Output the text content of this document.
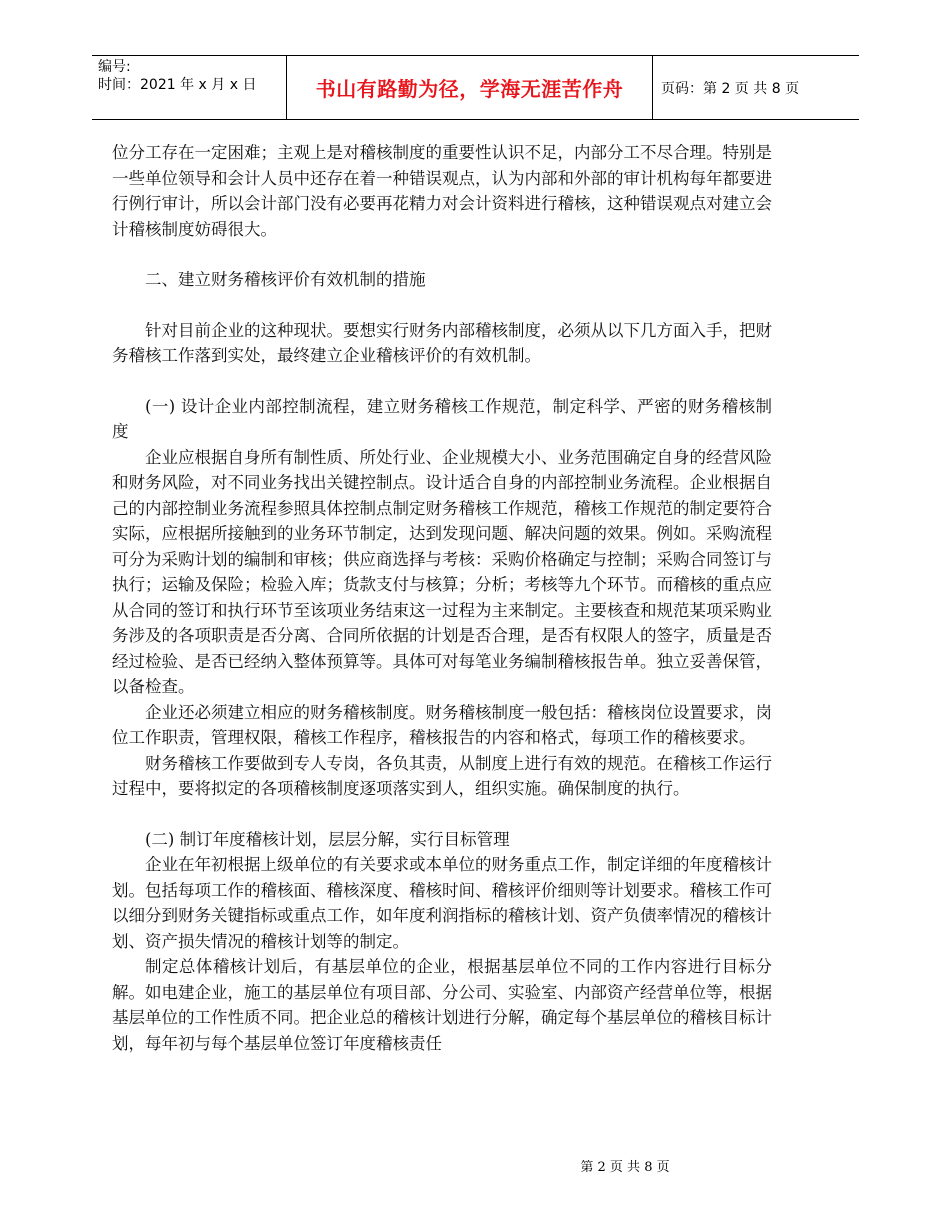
编号:
时间：2021 年 x 月 x 日	书山有路勤为径，学海无涯苦作舟	页码：第 2 页 共 8 页

位分工存在一定困难；主观上是对稽核制度的重要性认识不足，内部分工不尽合理。特别是一些单位领导和会计人员中还存在着一种错误观点，认为内部和外部的审计机构每年都要进行例行审计，所以会计部门没有必要再花精力对会计资料进行稽核，这种错误观点对建立会计稽核制度妨碍很大。

二、建立财务稽核评价有效机制的措施

针对目前企业的这种现状。要想实行财务内部稽核制度，必须从以下几方面入手，把财务稽核工作落到实处，最终建立企业稽核评价的有效机制。

(一) 设计企业内部控制流程，建立财务稽核工作规范，制定科学、严密的财务稽核制度

企业应根据自身所有制性质、所处行业、企业规模大小、业务范围确定自身的经营风险和财务风险，对不同业务找出关键控制点。设计适合自身的内部控制业务流程。企业根据自己的内部控制业务流程参照具体控制点制定财务稽核工作规范，稽核工作规范的制定要符合实际，应根据所接触到的业务环节制定，达到发现问题、解决问题的效果。例如。采购流程可分为采购计划的编制和审核；供应商选择与考核：采购价格确定与控制；采购合同签订与执行；运输及保险；检验入库；货款支付与核算；分析；考核等九个环节。而稽核的重点应从合同的签订和执行环节至该项业务结束这一过程为主来制定。主要核查和规范某项采购业务涉及的各项职责是否分离、合同所依据的计划是否合理，是否有权限人的签字，质量是否经过检验、是否已经纳入整体预算等。具体可对每笔业务编制稽核报告单。独立妥善保管，以备检查。

企业还必须建立相应的财务稽核制度。财务稽核制度一般包括：稽核岗位设置要求，岗位工作职责，管理权限，稽核工作程序，稽核报告的内容和格式，每项工作的稽核要求。

财务稽核工作要做到专人专岗，各负其责，从制度上进行有效的规范。在稽核工作运行过程中，要将拟定的各项稽核制度逐项落实到人，组织实施。确保制度的执行。

(二) 制订年度稽核计划，层层分解，实行目标管理

企业在年初根据上级单位的有关要求或本单位的财务重点工作，制定详细的年度稽核计划。包括每项工作的稽核面、稽核深度、稽核时间、稽核评价细则等计划要求。稽核工作可以细分到财务关键指标或重点工作，如年度利润指标的稽核计划、资产负债率情况的稽核计划、资产损失情况的稽核计划等的制定。

制定总体稽核计划后，有基层单位的企业，根据基层单位不同的工作内容进行目标分解。如电建企业，施工的基层单位有项目部、分公司、实验室、内部资产经营单位等，根据基层单位的工作性质不同。把企业总的稽核计划进行分解，确定每个基层单位的稽核目标计划，每年初与每个基层单位签订年度稽核责任

第 2 页 共 8 页
